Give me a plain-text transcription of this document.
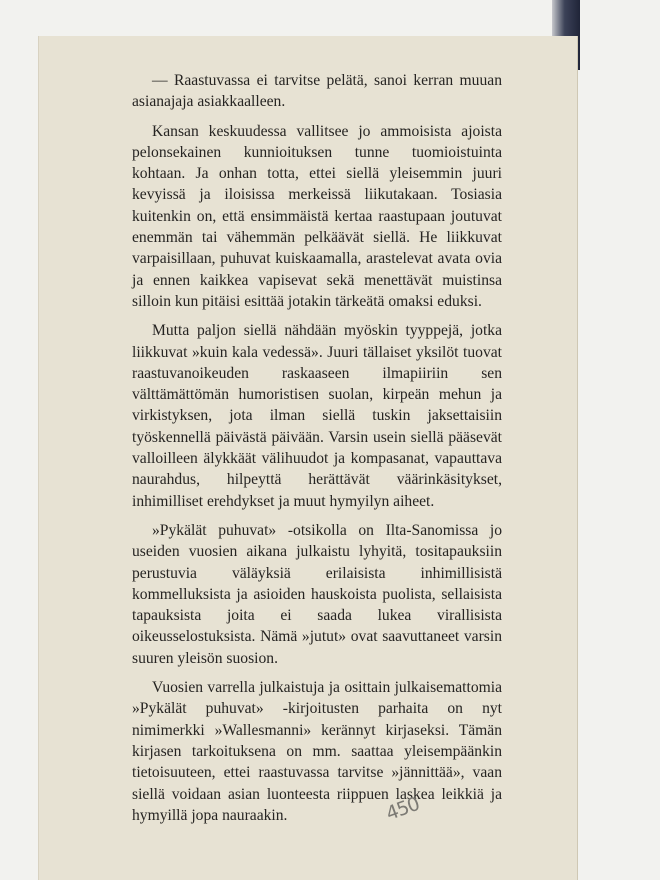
— Raastuvassa ei tarvitse pelätä, sanoi kerran muuan asianajaja asiakkaalleen.

Kansan keskuudessa vallitsee jo ammoisista ajoista pelonsekainen kunnioituksen tunne tuomioistuinta kohtaan. Ja onhan totta, ettei siellä yleisemmin juuri kevyissä ja iloisissa merkeissä liikutakaan. Tosiasia kuitenkin on, että ensimmäistä kertaa raastupaan joutuvat enemmän tai vähemmän pelkäävät siellä. He liikkuvat varpaisillaan, puhuvat kuiskaamalla, arastelevat avata ovia ja ennen kaikkea vapisevat sekä menettävät muistinsa silloin kun pitäisi esittää jotakin tärkeätä omaksi eduksi.

Mutta paljon siellä nähdään myöskin tyyppejä, jotka liikkuvat »kuin kala vedessä». Juuri tällaiset yksilöt tuovat raastuvanoikeuden raskaaseen ilmapiiriin sen välttämättömän humoristisen suolan, kirpeän mehun ja virkistyksen, jota ilman siellä tuskin jaksettaisiin työskennellä päivästä päivään. Varsin usein siellä pääsevät valloilleen älykkäät välihuudot ja kompasanat, vapauttava naurahdus, hilpeyttä herättävät väärinkäsitykset, inhimilliset erehdykset ja muut hymyilyn aiheet.

»Pykälät puhuvat» -otsikolla on Ilta-Sanomissa jo useiden vuosien aikana julkaistu lyhyitä, tositapauksiin perustuvia väläyksiä erilaisista inhimillisistä kommelluksista ja asioiden hauskoista puolista, sellaisista tapauksista joita ei saada lukea virallisista oikeusselostuksista. Nämä »jutut» ovat saavuttaneet varsin suuren yleisön suosion.

Vuosien varrella julkaistuja ja osittain julkaisemattomia »Pykälät puhuvat» -kirjoitusten parhaita on nyt nimimerkki »Wallesmanni» kerännyt kirjaseksi. Tämän kirjasen tarkoituksena on mm. saattaa yleisempäänkin tietoisuuteen, ettei raastuvassa tarvitse »jännittää», vaan siellä voidaan asian luonteesta riippuen laskea leikkiä ja hymyillä jopa nauraakin.	450
